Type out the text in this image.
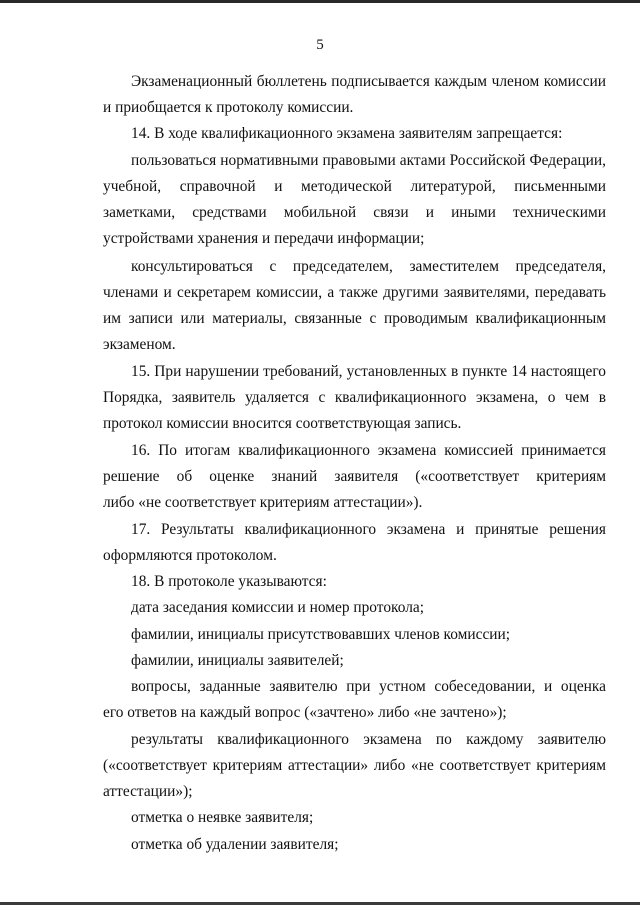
5
Экзаменационный бюллетень подписывается каждым членом комиссии
и приобщается к протоколу комиссии.
14. В ходе квалификационного экзамена заявителям запрещается:
пользоваться нормативными правовыми актами Российской Федерации,
учебной, справочной и методической литературой, письменными
заметками, средствами мобильной связи и иными техническими
устройствами хранения и передачи информации;
консультироваться с председателем, заместителем председателя,
членами и секретарем комиссии, а также другими заявителями, передавать
им записи или материалы, связанные с проводимым квалификационным
экзаменом.
15. При нарушении требований, установленных в пункте 14 настоящего
Порядка, заявитель удаляется с квалификационного экзамена, о чем в
протокол комиссии вносится соответствующая запись.
16. По итогам квалификационного экзамена комиссией принимается
решение об оценке знаний заявителя («соответствует критериям
либо «не соответствует критериям аттестации»).
17. Результаты квалификационного экзамена и принятые решения
оформляются протоколом.
18. В протоколе указываются:
дата заседания комиссии и номер протокола;
фамилии, инициалы присутствовавших членов комиссии;
фамилии, инициалы заявителей;
вопросы, заданные заявителю при устном собеседовании, и оценка
его ответов на каждый вопрос («зачтено» либо «не зачтено»);
результаты квалификационного экзамена по каждому заявителю
(«соответствует критериям аттестации» либо «не соответствует критериям
аттестации»);
отметка о неявке заявителя;
отметка об удалении заявителя;
